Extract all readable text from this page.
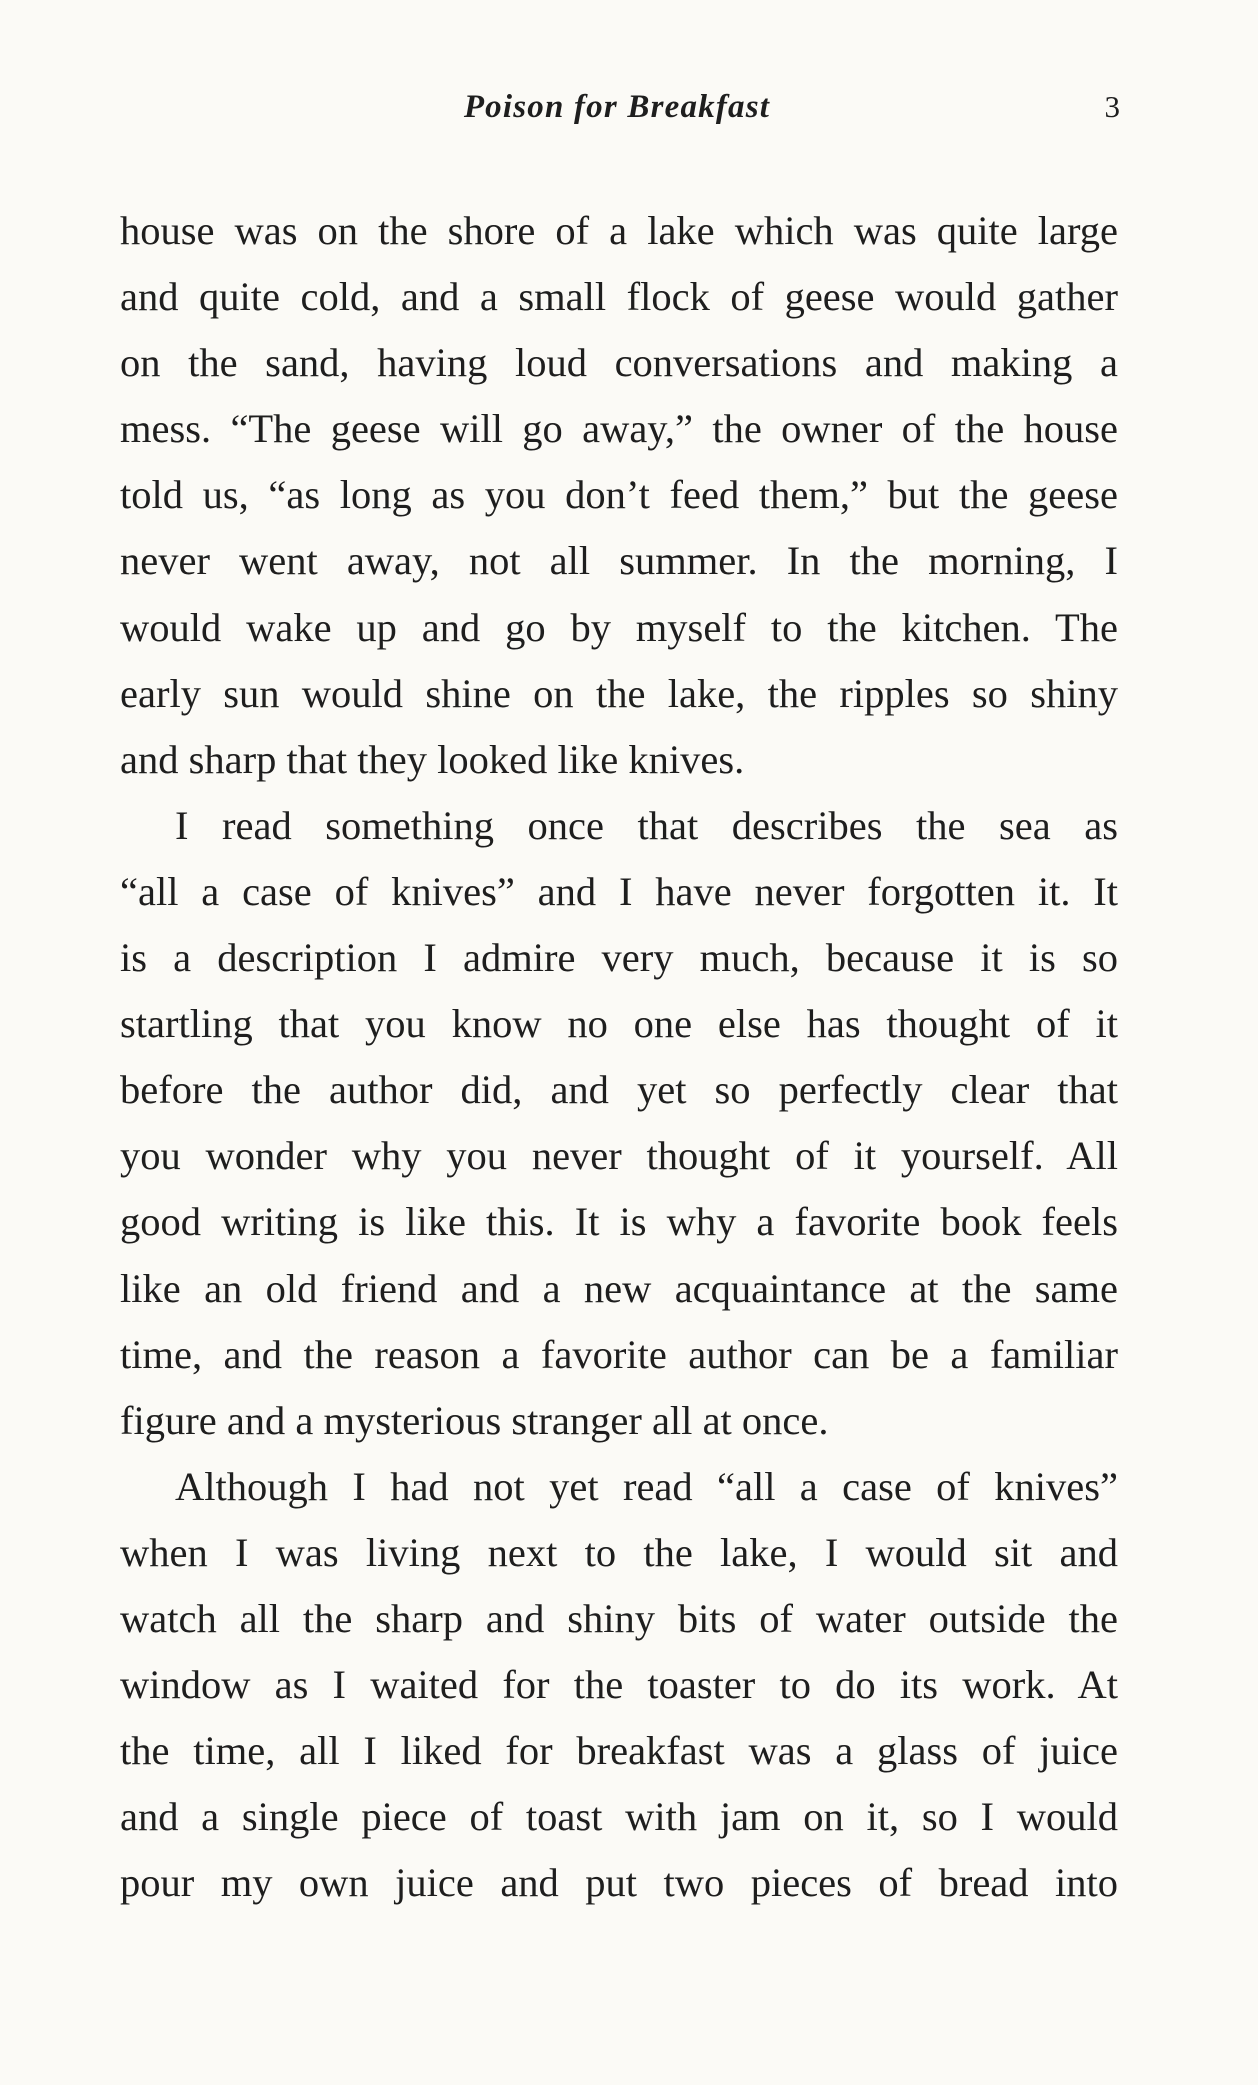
Poison for Breakfast	3
house was on the shore of a lake which was quite large
and quite cold, and a small flock of geese would gather
on the sand, having loud conversations and making a
mess. “The geese will go away,” the owner of the house
told us, “as long as you don’t feed them,” but the geese
never went away, not all summer. In the morning, I
would wake up and go by myself to the kitchen. The
early sun would shine on the lake, the ripples so shiny
and sharp that they looked like knives.
I read something once that describes the sea as
“all a case of knives” and I have never forgotten it. It
is a description I admire very much, because it is so
startling that you know no one else has thought of it
before the author did, and yet so perfectly clear that
you wonder why you never thought of it yourself. All
good writing is like this. It is why a favorite book feels
like an old friend and a new acquaintance at the same
time, and the reason a favorite author can be a familiar
figure and a mysterious stranger all at once.
Although I had not yet read “all a case of knives”
when I was living next to the lake, I would sit and
watch all the sharp and shiny bits of water outside the
window as I waited for the toaster to do its work. At
the time, all I liked for breakfast was a glass of juice
and a single piece of toast with jam on it, so I would
pour my own juice and put two pieces of bread into
